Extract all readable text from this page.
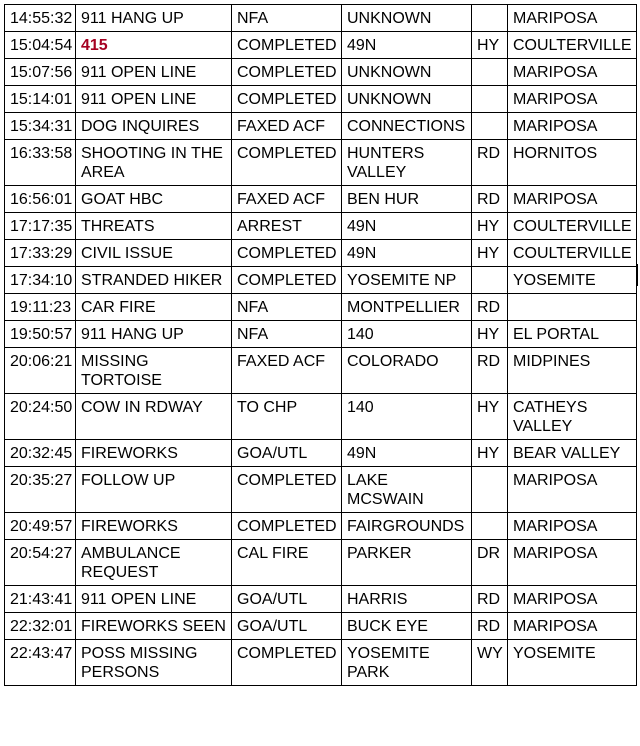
14:55:32	911 HANG UP	NFA	UNKNOWN		MARIPOSA
15:04:54	415	COMPLETED	49N	HY	COULTERVILLE
15:07:56	911 OPEN LINE	COMPLETED	UNKNOWN		MARIPOSA
15:14:01	911 OPEN LINE	COMPLETED	UNKNOWN		MARIPOSA
15:34:31	DOG INQUIRES	FAXED ACF	CONNECTIONS		MARIPOSA
16:33:58	SHOOTING IN THE AREA	COMPLETED	HUNTERS VALLEY	RD	HORNITOS
16:56:01	GOAT HBC	FAXED ACF	BEN HUR	RD	MARIPOSA
17:17:35	THREATS	ARREST	49N	HY	COULTERVILLE
17:33:29	CIVIL ISSUE	COMPLETED	49N	HY	COULTERVILLE
17:34:10	STRANDED HIKER	COMPLETED	YOSEMITE NP		YOSEMITE
19:11:23	CAR FIRE	NFA	MONTPELLIER	RD	
19:50:57	911 HANG UP	NFA	140	HY	EL PORTAL
20:06:21	MISSING TORTOISE	FAXED ACF	COLORADO	RD	MIDPINES
20:24:50	COW IN RDWAY	TO CHP	140	HY	CATHEYS VALLEY
20:32:45	FIREWORKS	GOA/UTL	49N	HY	BEAR VALLEY
20:35:27	FOLLOW UP	COMPLETED	LAKE MCSWAIN		MARIPOSA
20:49:57	FIREWORKS	COMPLETED	FAIRGROUNDS		MARIPOSA
20:54:27	AMBULANCE REQUEST	CAL FIRE	PARKER	DR	MARIPOSA
21:43:41	911 OPEN LINE	GOA/UTL	HARRIS	RD	MARIPOSA
22:32:01	FIREWORKS SEEN	GOA/UTL	BUCK EYE	RD	MARIPOSA
22:43:47	POSS MISSING PERSONS	COMPLETED	YOSEMITE PARK	WY	YOSEMITE
